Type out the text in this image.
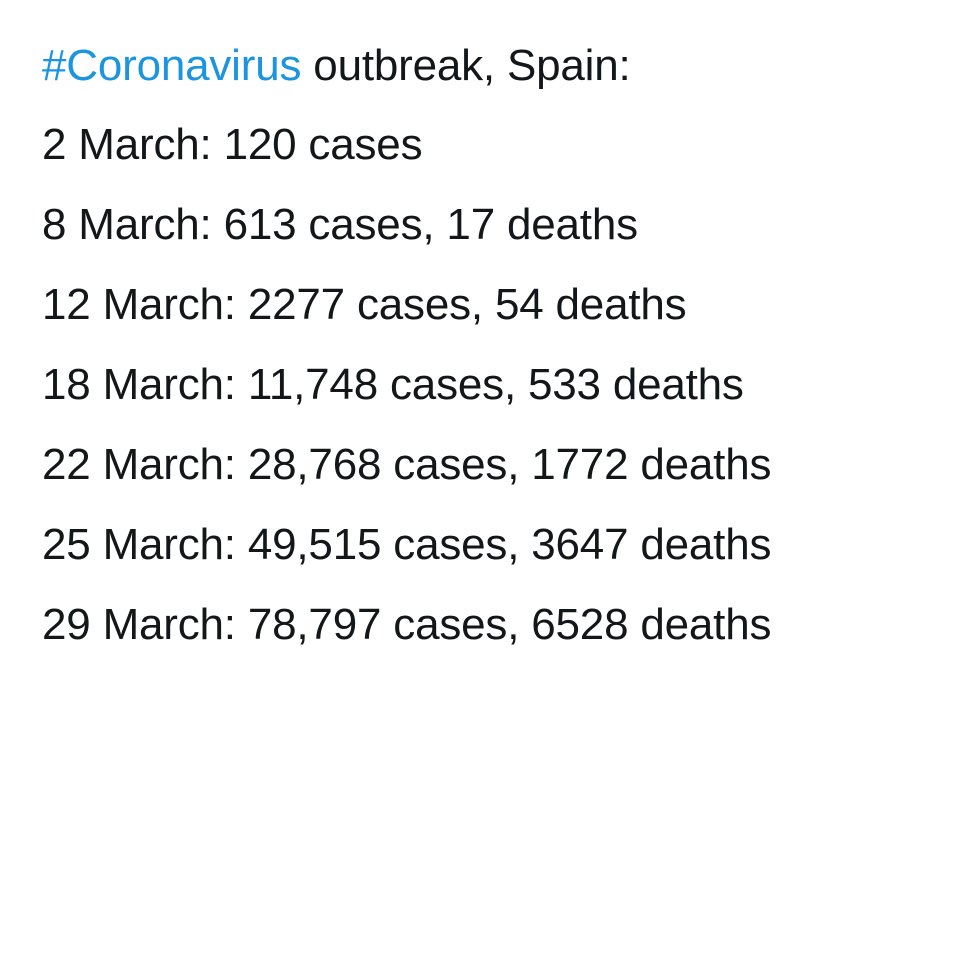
#Coronavirus outbreak, Spain:

2 March: 120 cases
8 March: 613 cases, 17 deaths
12 March: 2277 cases, 54 deaths
18 March: 11,748 cases, 533 deaths
22 March: 28,768 cases, 1772 deaths
25 March: 49,515 cases, 3647 deaths
29 March: 78,797 cases, 6528 deaths
